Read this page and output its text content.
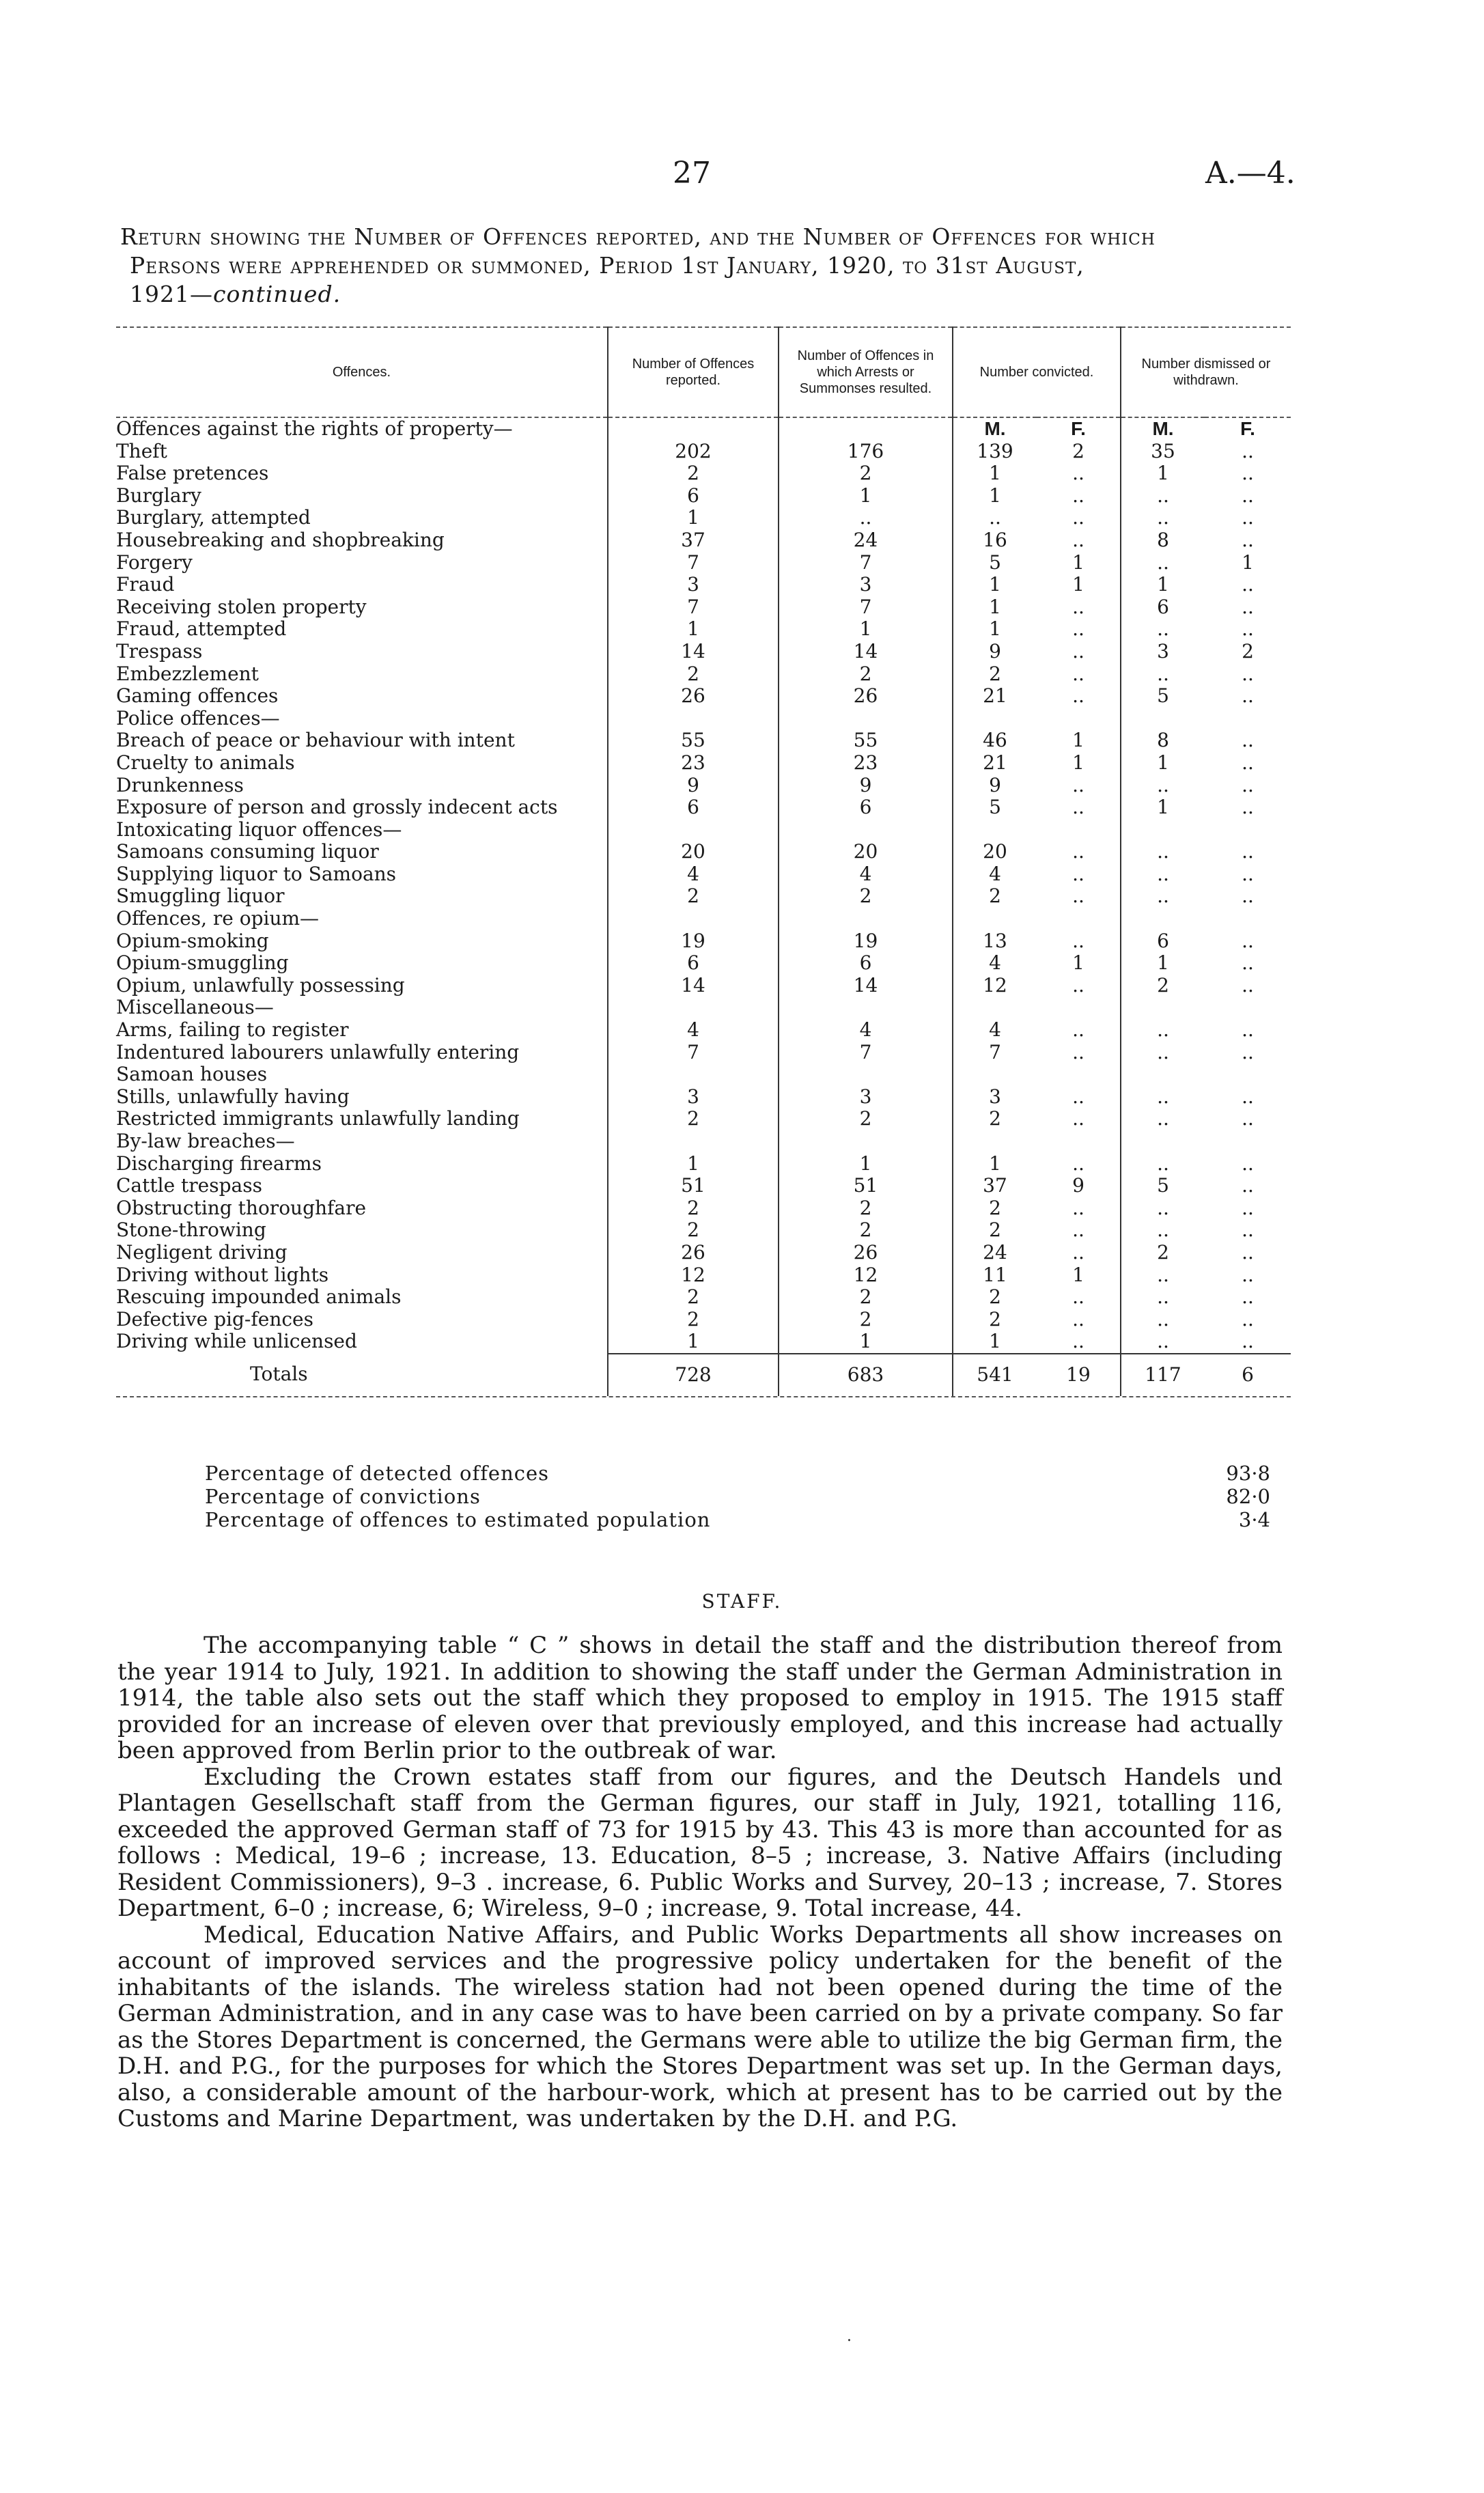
27	A.—4.
Return showing the Number of Offences reported, and the Number of Offences for which
Persons were apprehended or summoned, Period 1st January, 1920, to 31st August,
1921—continued.
Offences.	Number of Offences reported.	Number of Offences in which Arrests or Summonses resulted.	Number convicted.		Number dismissed or withdrawn.	
Offences against the rights of property—			M.	F.	M.	F.
Theft	202	176	139	2	35	..
False pretences	2	2	1	..	1	..
Burglary	6	1	1	..	..	..
Burglary, attempted	1	..	..	..	..	..
Housebreaking and shopbreaking	37	24	16	..	8	..
Forgery	7	7	5	1	..	1
Fraud	3	3	1	1	1	..
Receiving stolen property	7	7	1	..	6	..
Fraud, attempted	1	1	1	..	..	..
Trespass	14	14	9	..	3	2
Embezzlement	2	2	2	..	..	..
Gaming offences	26	26	21	..	5	..
Police offences—						
Breach of peace or behaviour with intent	55	55	46	1	8	..
Cruelty to animals	23	23	21	1	1	..
Drunkenness	9	9	9	..	..	..
Exposure of person and grossly indecent acts	6	6	5	..	1	..
Intoxicating liquor offences—						
Samoans consuming liquor	20	20	20	..	..	..
Supplying liquor to Samoans	4	4	4	..	..	..
Smuggling liquor	2	2	2	..	..	..
Offences, re opium—						
Opium-smoking	19	19	13	..	6	..
Opium-smuggling	6	6	4	1	1	..
Opium, unlawfully possessing	14	14	12	..	2	..
Miscellaneous—						
Arms, failing to register	4	4	4	..	..	..
Indentured labourers unlawfully entering	7	7	7	..	..	..
Samoan houses						
Stills, unlawfully having	3	3	3	..	..	..
Restricted immigrants unlawfully landing	2	2	2	..	..	..
By-law breaches—						
Discharging firearms	1	1	1	..	..	..
Cattle trespass	51	51	37	9	5	..
Obstructing thoroughfare	2	2	2	..	..	..
Stone-throwing	2	2	2	..	..	..
Negligent driving	26	26	24	..	2	..
Driving without lights	12	12	11	1	..	..
Rescuing impounded animals	2	2	2	..	..	..
Defective pig-fences	2	2	2	..	..	..
Driving while unlicensed	1	1	1	..	..	..
Totals	728	683	541	19	117	6
Percentage of detected offences	93·8
Percentage of convictions	82·0
Percentage of offences to estimated population	3·4
STAFF.

The accompanying table “ C ” shows in detail the staff and the distribution thereof from the year 1914 to July, 1921. In addition to showing the staff under the German Administration in 1914, the table also sets out the staff which they proposed to employ in 1915. The 1915 staff provided for an increase of eleven over that previously employed, and this increase had actually been approved from Berlin prior to the outbreak of war.

Excluding the Crown estates staff from our figures, and the Deutsch Handels und Plantagen Gesellschaft staff from the German figures, our staff in July, 1921, totalling 116, exceeded the approved German staff of 73 for 1915 by 43. This 43 is more than accounted for as follows : Medical, 19–6 ; increase, 13. Education, 8–5 ; increase, 3. Native Affairs (including Resident Commissioners), 9–3 . increase, 6. Public Works and Survey, 20–13 ; increase, 7. Stores Department, 6–0 ; increase, 6; Wireless, 9–0 ; increase, 9. Total increase, 44.

Medical, Education Native Affairs, and Public Works Departments all show increases on account of improved services and the progressive policy undertaken for the benefit of the inhabitants of the islands. The wireless station had not been opened during the time of the German Administration, and in any case was to have been carried on by a private company. So far as the Stores Department is concerned, the Germans were able to utilize the big German firm, the D.H. and P.G., for the purposes for which the Stores Department was set up. In the German days, also, a considerable amount of the harbour-work, which at present has to be carried out by the Customs and Marine Department, was undertaken by the D.H. and P.G.

·
